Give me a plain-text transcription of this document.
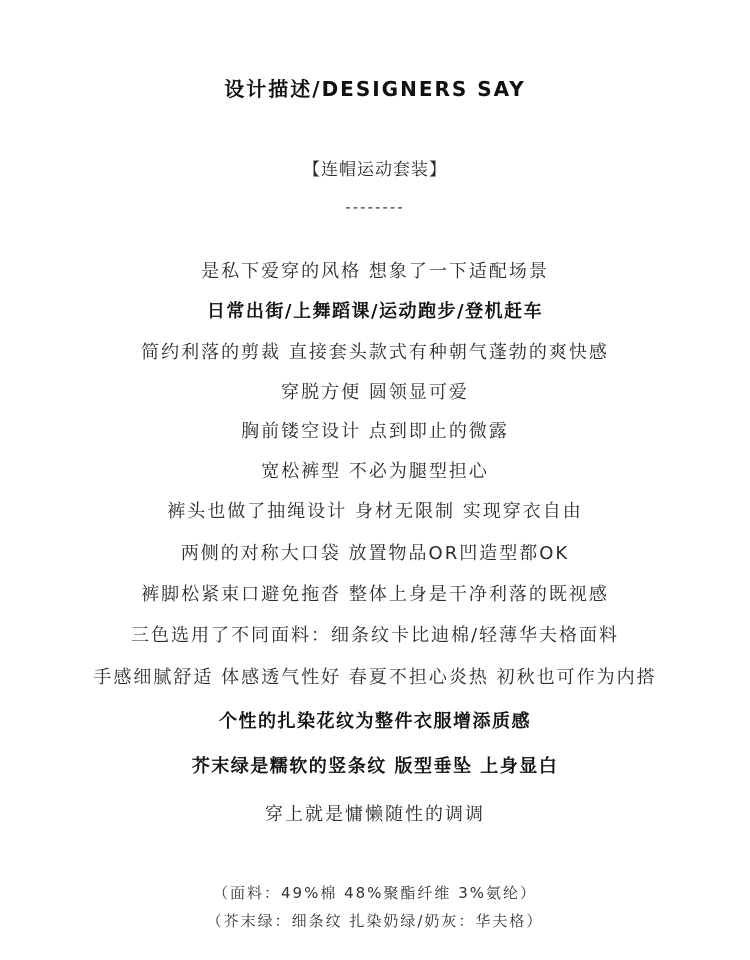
设计描述/DESIGNERS SAY
【连帽运动套装】
--------
是私下爱穿的风格 想象了一下适配场景
日常出街/上舞蹈课/运动跑步/登机赶车
简约利落的剪裁 直接套头款式有种朝气蓬勃的爽快感
穿脱方便 圆领显可爱
胸前镂空设计 点到即止的微露
宽松裤型 不必为腿型担心
裤头也做了抽绳设计 身材无限制 实现穿衣自由
两侧的对称大口袋 放置物品OR凹造型都OK
裤脚松紧束口避免拖沓 整体上身是干净利落的既视感
三色选用了不同面料：细条纹卡比迪棉/轻薄华夫格面料
手感细腻舒适 体感透气性好 春夏不担心炎热 初秋也可作为内搭
个性的扎染花纹为整件衣服增添质感
芥末绿是糯软的竖条纹 版型垂坠 上身显白
穿上就是慵懒随性的调调
（面料：49%棉 48%聚酯纤维 3%氨纶）
（芥末绿：细条纹 扎染奶绿/奶灰：华夫格）
